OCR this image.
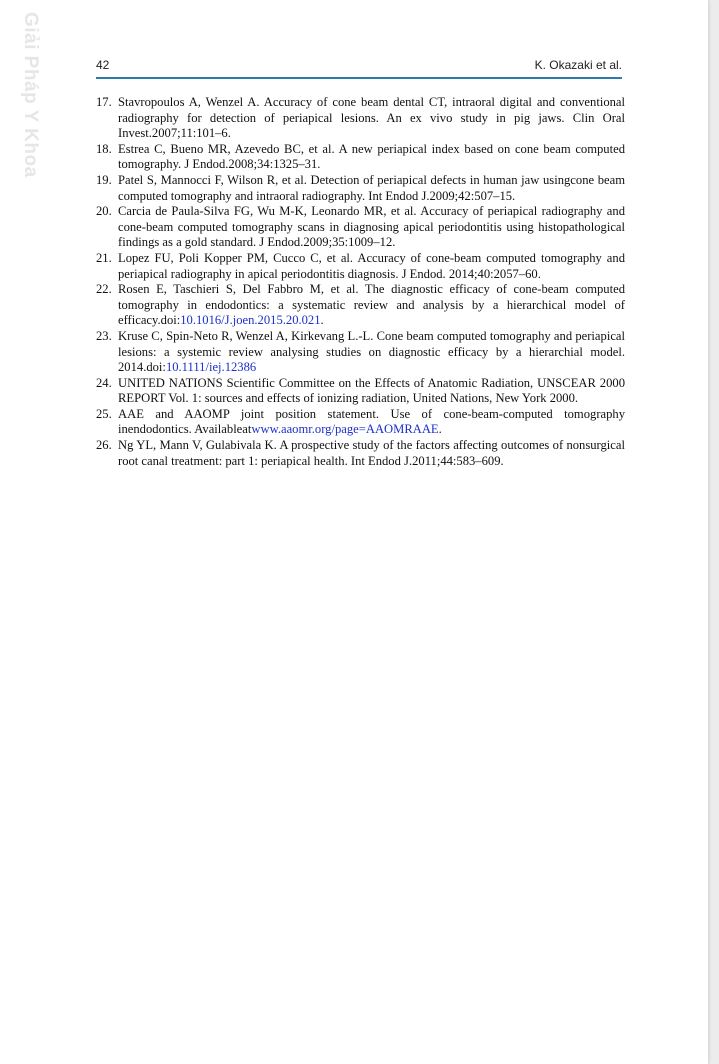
Giải Pháp Y Khoa	42	K. Okazaki et al.
17. Stavropoulos A, Wenzel A. Accuracy of cone beam dental CT, intraoral digital and conventional radiography for detection of periapical lesions. An ex vivo study in pig jaws. Clin Oral Invest.2007;11:101–6.
18. Estrea C, Bueno MR, Azevedo BC, et al. A new periapical index based on cone beam computed tomography. J Endod.2008;34:1325–31.
19. Patel S, Mannocci F, Wilson R, et al. Detection of periapical defects in human jaw usingcone beam computed tomography and intraoral radiography. Int Endod J.2009;42:507–15.
20. Carcia de Paula-Silva FG, Wu M-K, Leonardo MR, et al. Accuracy of periapical radiography and cone-beam computed tomography scans in diagnosing apical periodontitis using histopathological findings as a gold standard. J Endod.2009;35:1009–12.
21. Lopez FU, Poli Kopper PM, Cucco C, et al. Accuracy of cone-beam computed tomography and periapical radiography in apical periodontitis diagnosis. J Endod. 2014;40:2057–60.
22. Rosen E, Taschieri S, Del Fabbro M, et al. The diagnostic efficacy of cone-beam computed tomography in endodontics: a systematic review and analysis by a hierarchical model of efficacy.doi:10.1016/J.joen.2015.20.021.
23. Kruse C, Spin-Neto R, Wenzel A, Kirkevang L.-L. Cone beam computed tomography and periapical lesions: a systemic review analysing studies on diagnostic efficacy by a hierarchial model. 2014.doi:10.1111/iej.12386
24. UNITED NATIONS Scientific Committee on the Effects of Anatomic Radiation, UNSCEAR 2000 REPORT Vol. 1: sources and effects of ionizing radiation, United Nations, New York 2000.
25. AAE and AAOMP joint position statement. Use of cone-beam-computed tomography inendodontics. Availableatwww.aaomr.org/page=AAOMRAAE.
26. Ng YL, Mann V, Gulabivala K. A prospective study of the factors affecting outcomes of nonsurgical root canal treatment: part 1: periapical health. Int Endod J.2011;44:583–609.
